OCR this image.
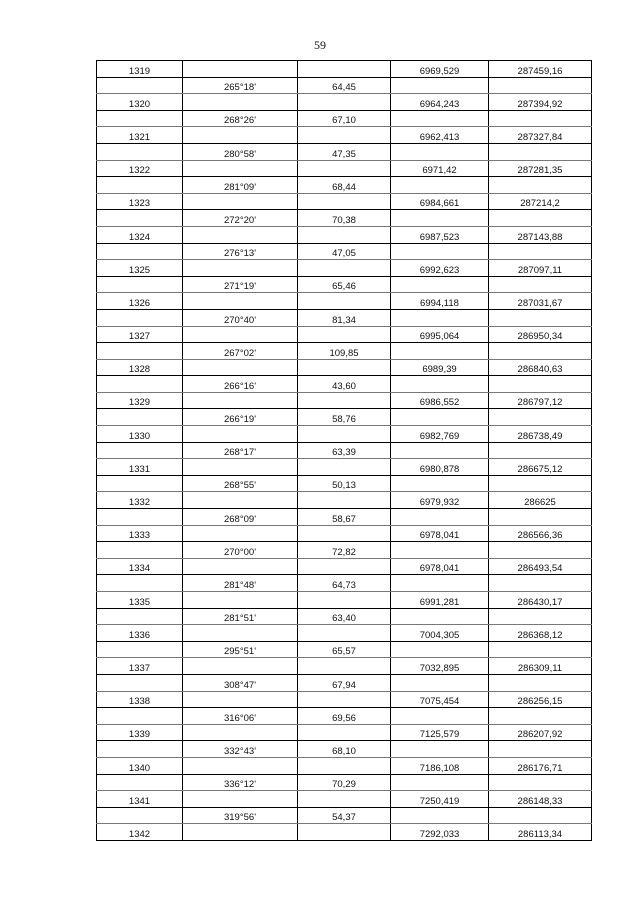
59
1319			6969,529	287459,16
	265°18'	64,45		
1320			6964,243	287394,92
	268°26'	67,10		
1321			6962,413	287327,84
	280°58'	47,35		
1322			6971,42	287281,35
	281°09'	68,44		
1323			6984,661	287214,2
	272°20'	70,38		
1324			6987,523	287143,88
	276°13'	47,05		
1325			6992,623	287097,11
	271°19'	65,46		
1326			6994,118	287031,67
	270°40'	81,34		
1327			6995,064	286950,34
	267°02'	109,85		
1328			6989,39	286840,63
	266°16'	43,60		
1329			6986,552	286797,12
	266°19'	58,76		
1330			6982,769	286738,49
	268°17'	63,39		
1331			6980,878	286675,12
	268°55'	50,13		
1332			6979,932	286625
	268°09'	58,67		
1333			6978,041	286566,36
	270°00'	72,82		
1334			6978,041	286493,54
	281°48'	64,73		
1335			6991,281	286430,17
	281°51'	63,40		
1336			7004,305	286368,12
	295°51'	65,57		
1337			7032,895	286309,11
	308°47'	67,94		
1338			7075,454	286256,15
	316°06'	69,56		
1339			7125,579	286207,92
	332°43'	68,10		
1340			7186,108	286176,71
	336°12'	70,29		
1341			7250,419	286148,33
	319°56'	54,37		
1342			7292,033	286113,34
